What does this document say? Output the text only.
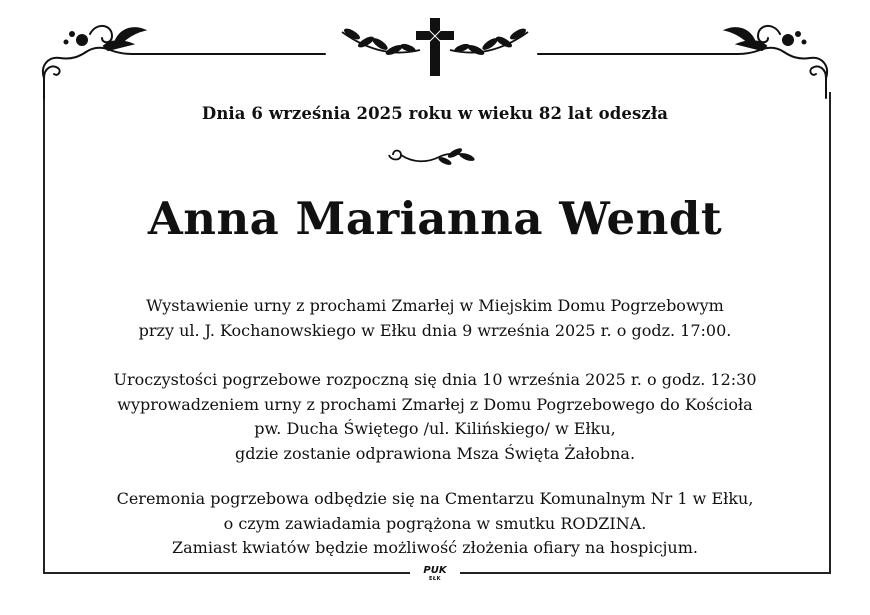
Dnia 6 września 2025 roku w wieku 82 lat odeszła
Anna Marianna Wendt
Wystawienie urny z prochami Zmarłej w Miejskim Domu Pogrzebowym
przy ul. J. Kochanowskiego w Ełku dnia 9 września 2025 r. o godz. 17:00.
Uroczystości pogrzebowe rozpoczną się dnia 10 września 2025 r. o godz. 12:30
wyprowadzeniem urny z prochami Zmarłej z Domu Pogrzebowego do Kościoła
pw. Ducha Świętego /ul. Kilińskiego/ w Ełku,
gdzie zostanie odprawiona Msza Święta Żałobna.
Ceremonia pogrzebowa odbędzie się na Cmentarzu Komunalnym Nr 1 w Ełku,
o czym zawiadamia pogrążona w smutku RODZINA.
Zamiast kwiatów będzie możliwość złożenia ofiary na hospicjum.
PUK
EŁK
